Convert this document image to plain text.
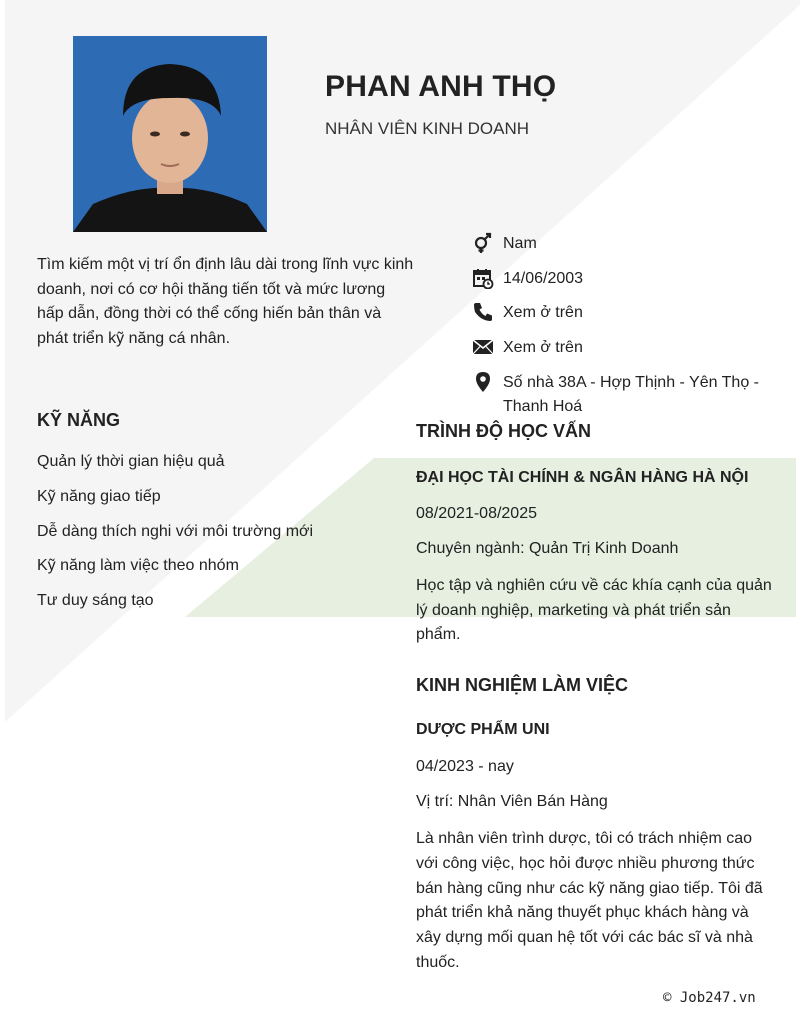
PHAN ANH THỌ
NHÂN VIÊN KINH DOANH
Tìm kiếm một vị trí ổn định lâu dài trong lĩnh vực kinh doanh, nơi có cơ hội thăng tiến tốt và mức lương hấp dẫn, đồng thời có thể cống hiến bản thân và phát triển kỹ năng cá nhân.
Nam
14/06/2003
Xem ở trên
Xem ở trên
Số nhà 38A - Hợp Thịnh - Yên Thọ - Thanh Hoá
KỸ NĂNG
Quản lý thời gian hiệu quả
Kỹ năng giao tiếp
Dễ dàng thích nghi với môi trường mới
Kỹ năng làm việc theo nhóm
Tư duy sáng tạo
TRÌNH ĐỘ HỌC VẤN
ĐẠI HỌC TÀI CHÍNH & NGÂN HÀNG HÀ NỘI
08/2021-08/2025
Chuyên ngành: Quản Trị Kinh Doanh
Học tập và nghiên cứu về các khía cạnh của quản lý doanh nghiệp, marketing và phát triển sản phẩm.
KINH NGHIỆM LÀM VIỆC
DƯỢC PHẨM UNI
04/2023 - nay
Vị trí: Nhân Viên Bán Hàng
Là nhân viên trình dược, tôi có trách nhiệm cao với công việc, học hỏi được nhiều phương thức bán hàng cũng như các kỹ năng giao tiếp. Tôi đã phát triển khả năng thuyết phục khách hàng và xây dựng mối quan hệ tốt với các bác sĩ và nhà thuốc.
© Job247.vn
